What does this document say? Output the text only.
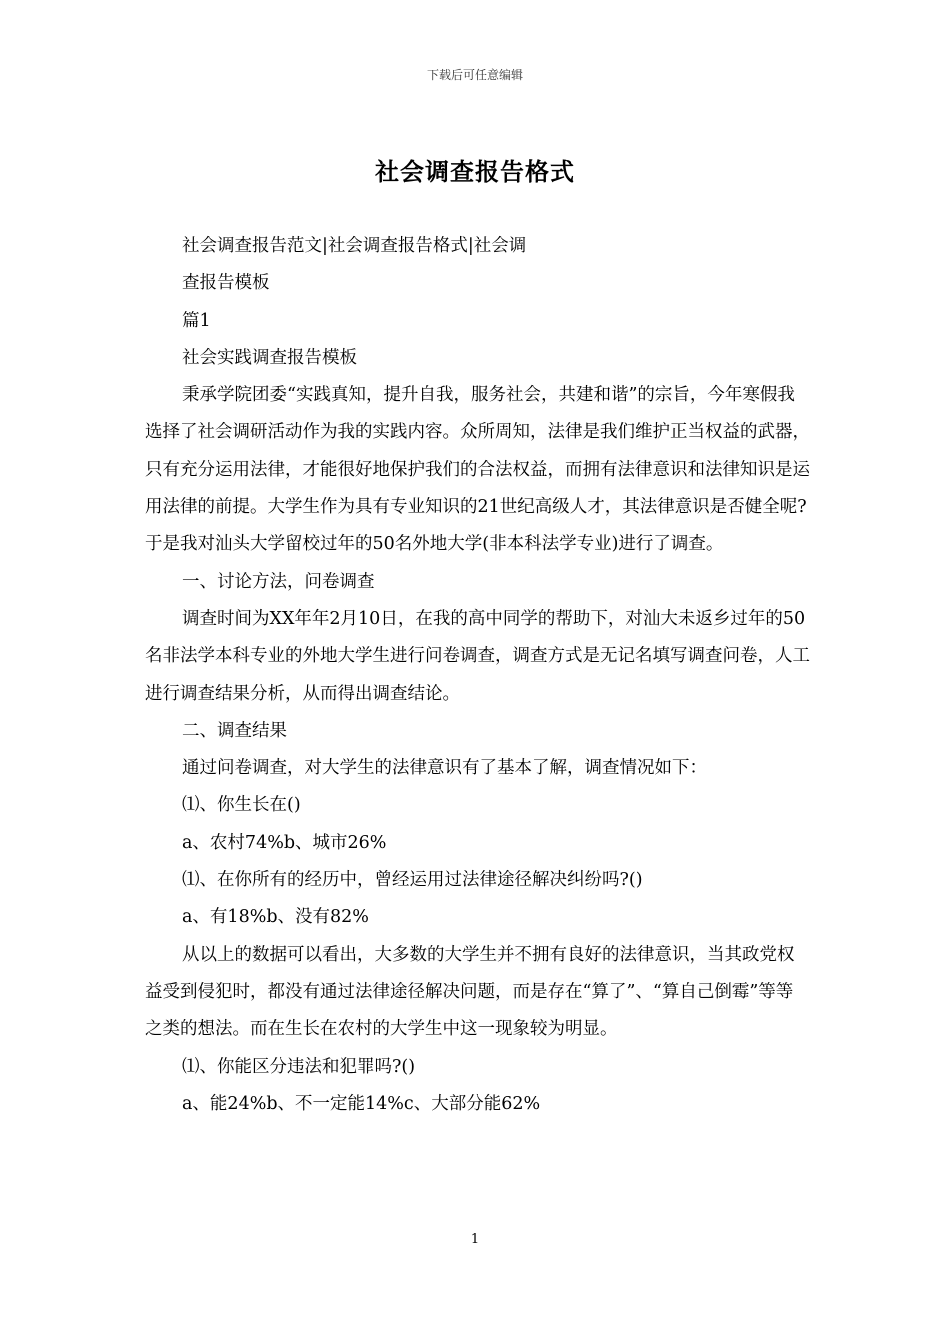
下载后可任意编辑
社会调查报告格式

社会调查报告范文|社会调查报告格式|社会调

查报告模板

篇1

社会实践调查报告模板

秉承学院团委“实践真知，提升自我，服务社会，共建和谐”的宗旨，今年寒假我选择了社会调研活动作为我的实践内容。众所周知，法律是我们维护正当权益的武器，只有充分运用法律，才能很好地保护我们的合法权益，而拥有法律意识和法律知识是运用法律的前提。大学生作为具有专业知识的21世纪高级人才，其法律意识是否健全呢?于是我对汕头大学留校过年的50名外地大学(非本科法学专业)进行了调查。

一、讨论方法，问卷调查

调查时间为XX年年2月10日，在我的高中同学的帮助下，对汕大未返乡过年的50名非法学本科专业的外地大学生进行问卷调查，调查方式是无记名填写调查问卷，人工进行调查结果分析，从而得出调查结论。

二、调查结果

通过问卷调查，对大学生的法律意识有了基本了解，调查情况如下：

⑴、你生长在()

a、农村74%b、城市26%

⑴、在你所有的经历中，曾经运用过法律途径解决纠纷吗?()

a、有18%b、没有82%

从以上的数据可以看出，大多数的大学生并不拥有良好的法律意识，当其政党权益受到侵犯时，都没有通过法律途径解决问题，而是存在“算了”、“算自己倒霉”等等之类的想法。而在生长在农村的大学生中这一现象较为明显。

⑴、你能区分违法和犯罪吗?()

a、能24%b、不一定能14%c、大部分能62%

1
